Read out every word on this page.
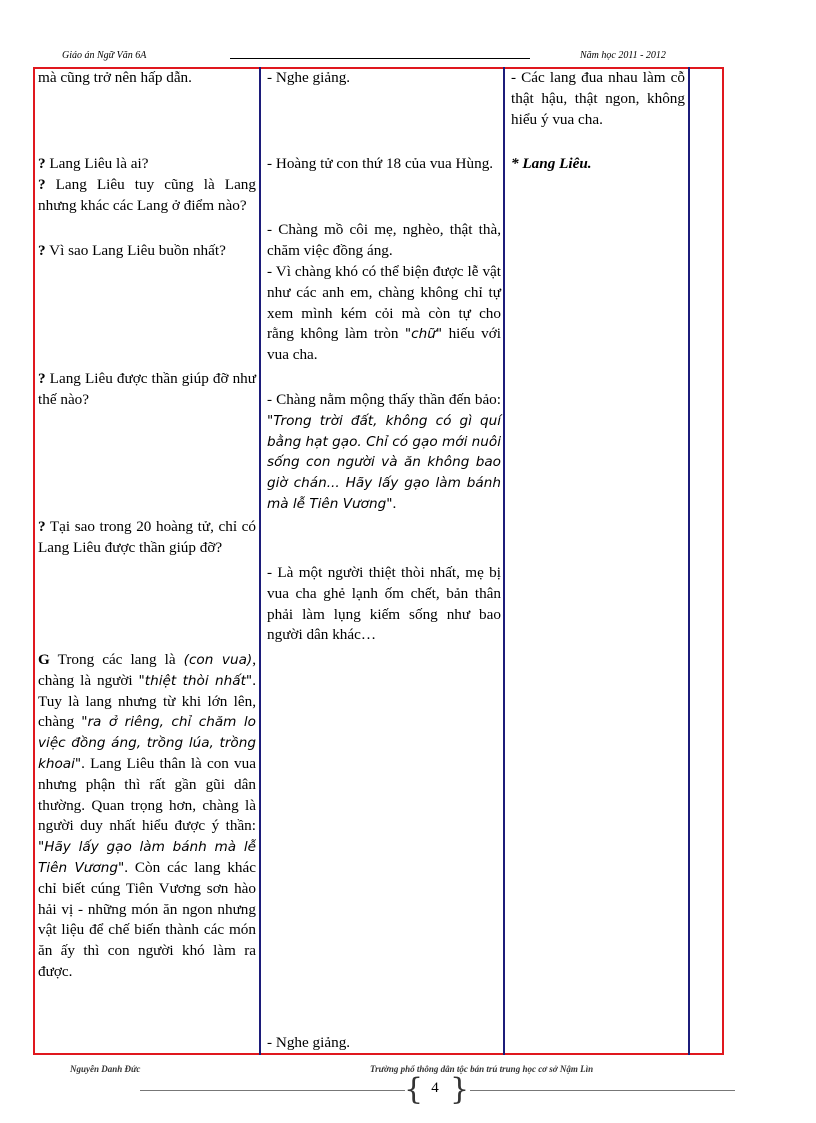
Giáo án Ngữ Văn 6A	Năm học 2011 - 2012
mà cũng trở nên hấp dẫn.
? Lang Liêu là ai?
? Lang Liêu tuy cũng là Lang nhưng khác các Lang ở điểm nào?
? Vì sao Lang Liêu buồn nhất?
? Lang Liêu được thần giúp đỡ như thế nào?
? Tại sao trong 20 hoàng tử, chỉ có Lang Liêu được thần giúp đỡ?
G Trong các lang là (con vua), chàng là người "thiệt thòi nhất". Tuy là lang nhưng từ khi lớn lên, chàng "ra ở riêng, chỉ chăm lo việc đồng áng, trồng lúa, trồng khoai". Lang Liêu thân là con vua nhưng phận thì rất gần gũi dân thường. Quan trọng hơn, chàng là người duy nhất hiểu được ý thần: "Hãy lấy gạo làm bánh mà lễ Tiên Vương". Còn các lang khác chỉ biết cúng Tiên Vương sơn hào hải vị - những món ăn ngon nhưng vật liệu để chế biến thành các món ăn ấy thì con người khó làm ra được.
- Nghe giảng.
- Hoàng tử con thứ 18 của vua Hùng.
- Chàng mồ côi mẹ, nghèo, thật thà, chăm việc đồng áng.
- Vì chàng khó có thể biện được lễ vật như các anh em, chàng không chỉ tự xem mình kém cỏi mà còn tự cho rằng không làm tròn "chữ" hiếu với vua cha.
- Chàng nằm mộng thấy thần đến bảo: "Trong trời đất, không có gì quí bằng hạt gạo. Chỉ có gạo mới nuôi sống con người và ăn không bao giờ chán... Hãy lấy gạo làm bánh mà lễ Tiên Vương".
- Là một người thiệt thòi nhất, mẹ bị vua cha ghẻ lạnh ốm chết, bản thân phải làm lụng kiếm sống như bao người dân khác…
- Nghe giảng.
- Các lang đua nhau làm cỗ thật hậu, thật ngon, không hiểu ý vua cha.
* Lang Liêu.
Nguyễn Danh Đức	Trường phổ thông dân tộc bán trú trung học cơ sở Nậm Lìn
{ 4 }
